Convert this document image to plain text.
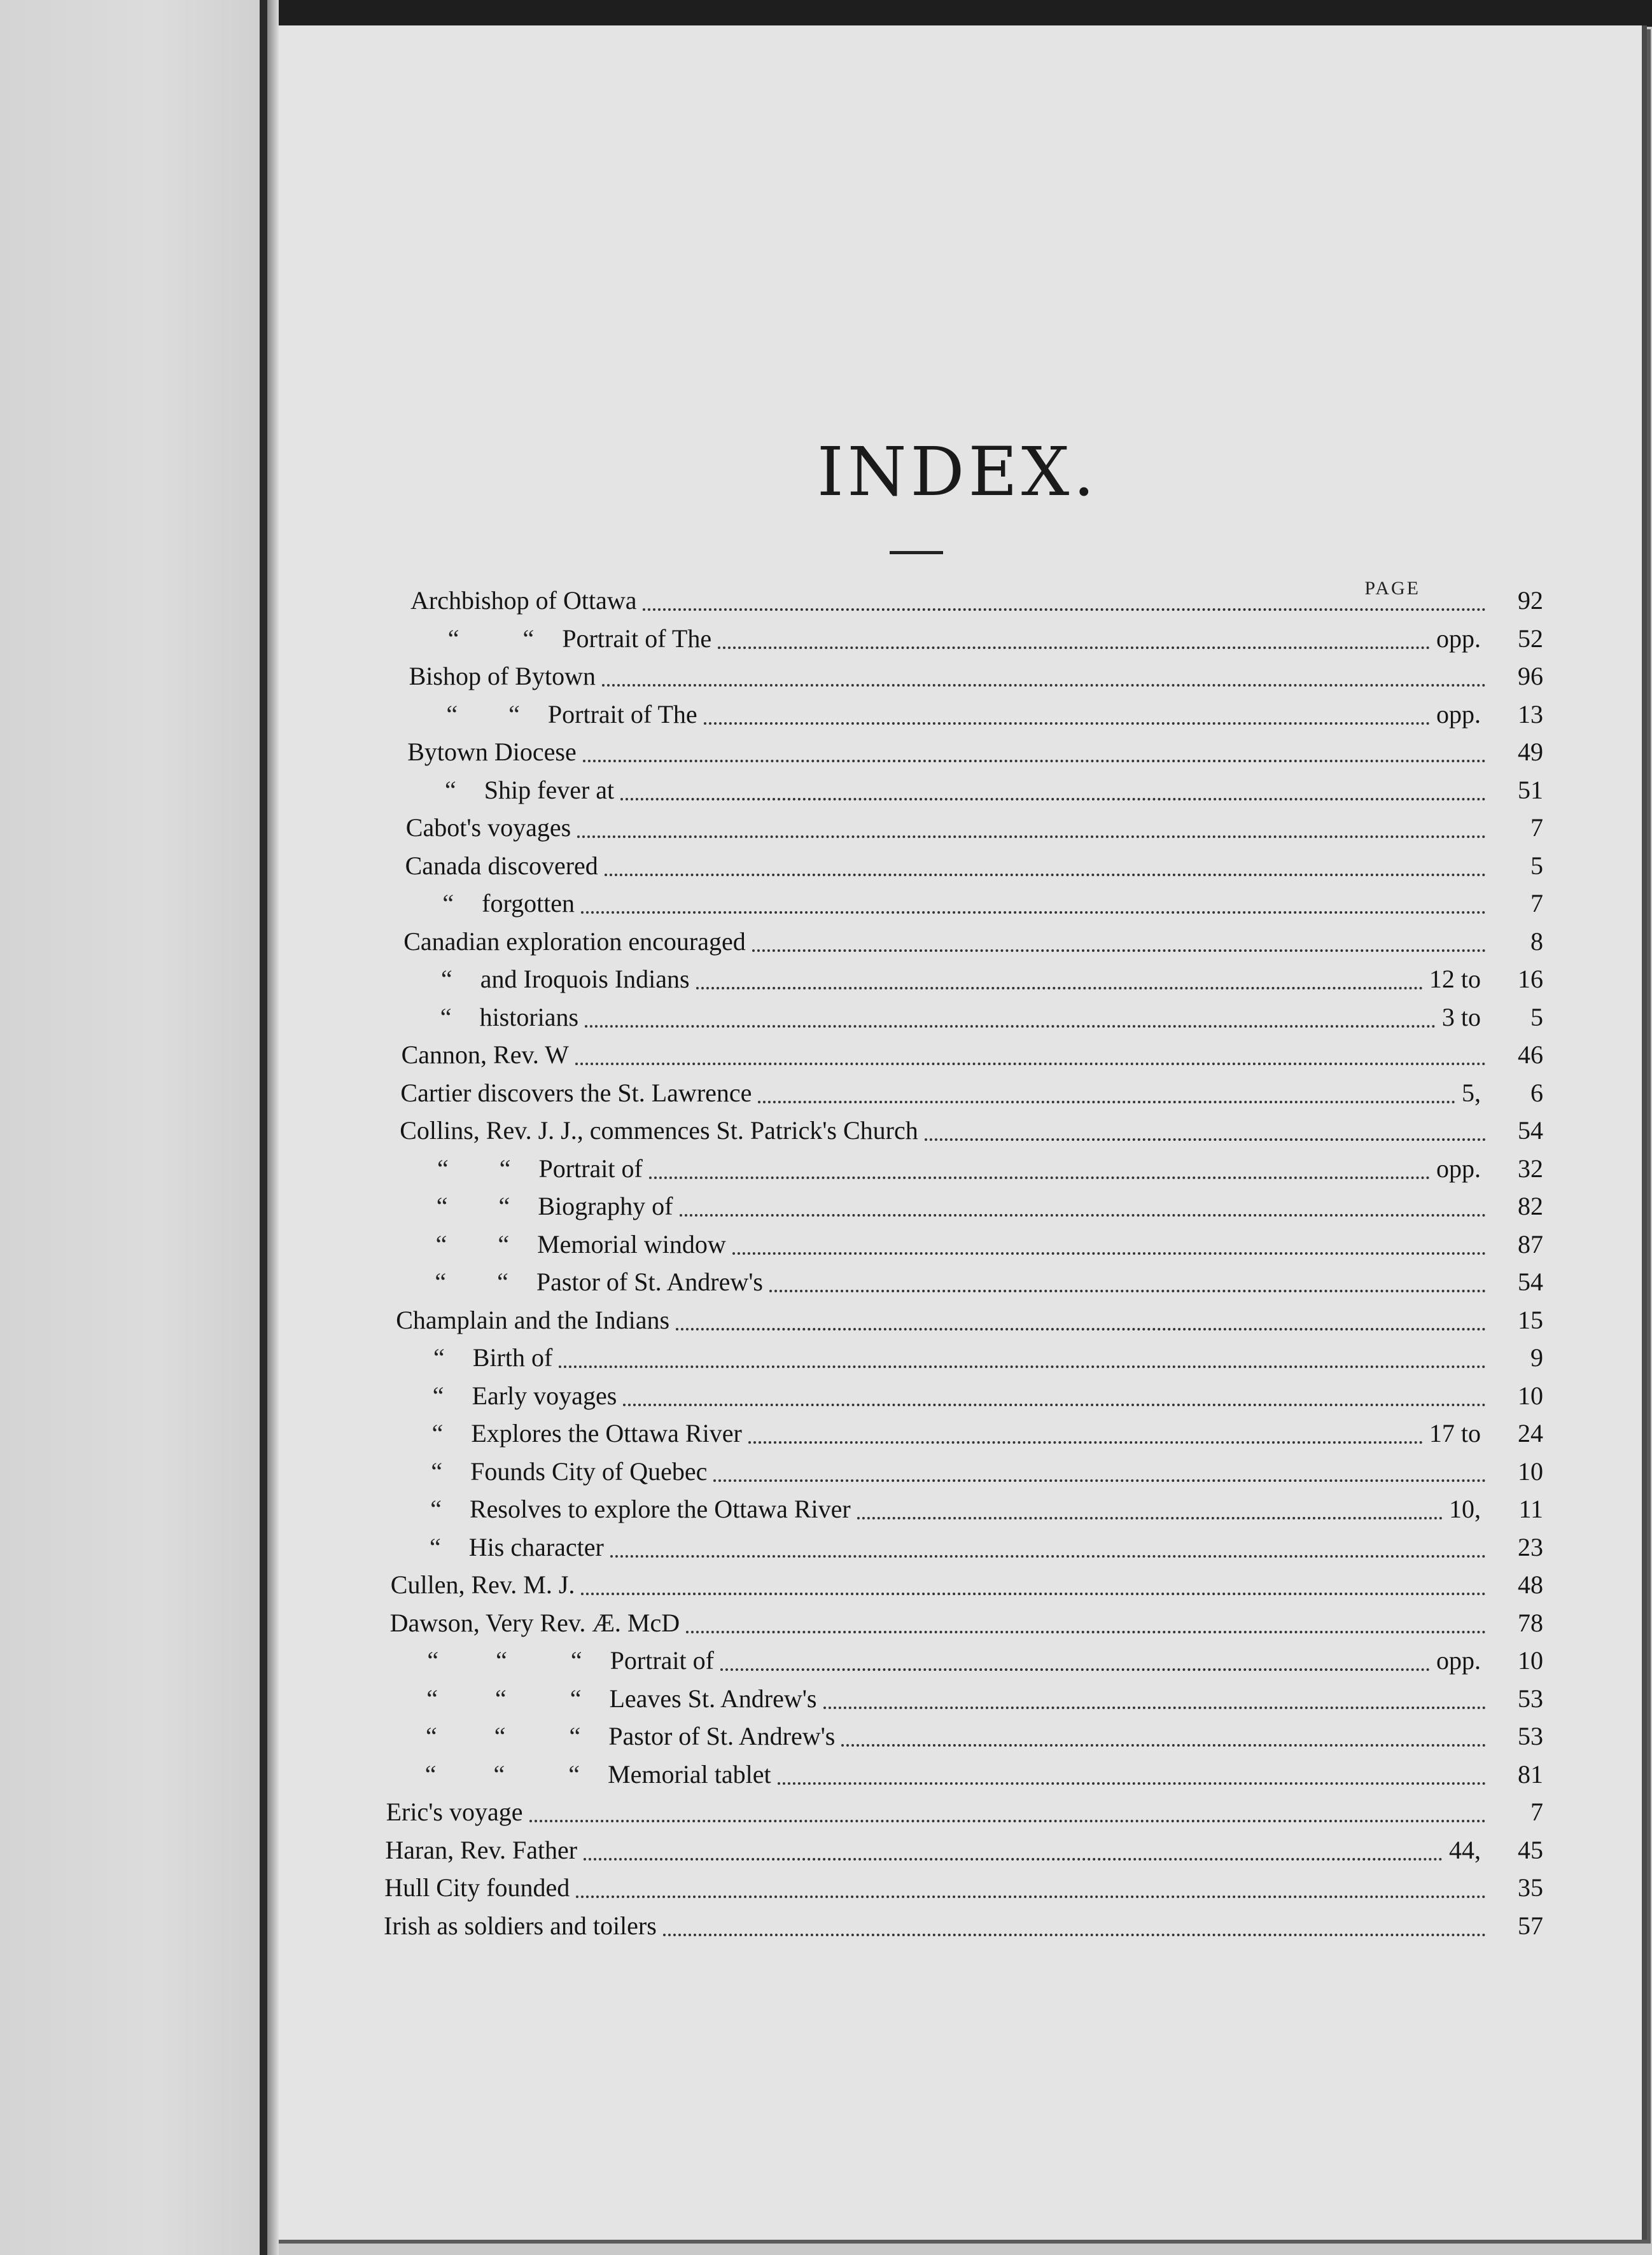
INDEX.
PAGE
Archbishop of Ottawa	92
“          “ Portrait of The	opp.	52
Bishop of Bytown	96
“        “ Portrait of The	opp.	13
Bytown Diocese	49
“ Ship fever at	51
Cabot's voyages	7
Canada discovered	5
“ forgotten	7
Canadian exploration encouraged	8
“ and Iroquois Indians	12 to	16
“ historians	3 to	5
Cannon, Rev. W	46
Cartier discovers the St. Lawrence	5,	6
Collins, Rev. J. J., commences St. Patrick's Church	54
“        “ Portrait of	opp.	32
“        “ Biography of	82
“        “ Memorial window	87
“        “ Pastor of St. Andrew's	54
Champlain and the Indians	15
“ Birth of	9
“ Early voyages	10
“ Explores the Ottawa River	17 to	24
“ Founds City of Quebec	10
“ Resolves to explore the Ottawa River	10,	11
“ His character	23
Cullen, Rev. M. J.	48
Dawson, Very Rev. Æ. McD	78
“         “          “ Portrait of	opp.	10
“         “          “ Leaves St. Andrew's	53
“         “          “ Pastor of St. Andrew's	53
“         “          “ Memorial tablet	81
Eric's voyage	7
Haran, Rev. Father	44,	45
Hull City founded	35
Irish as soldiers and toilers	57
